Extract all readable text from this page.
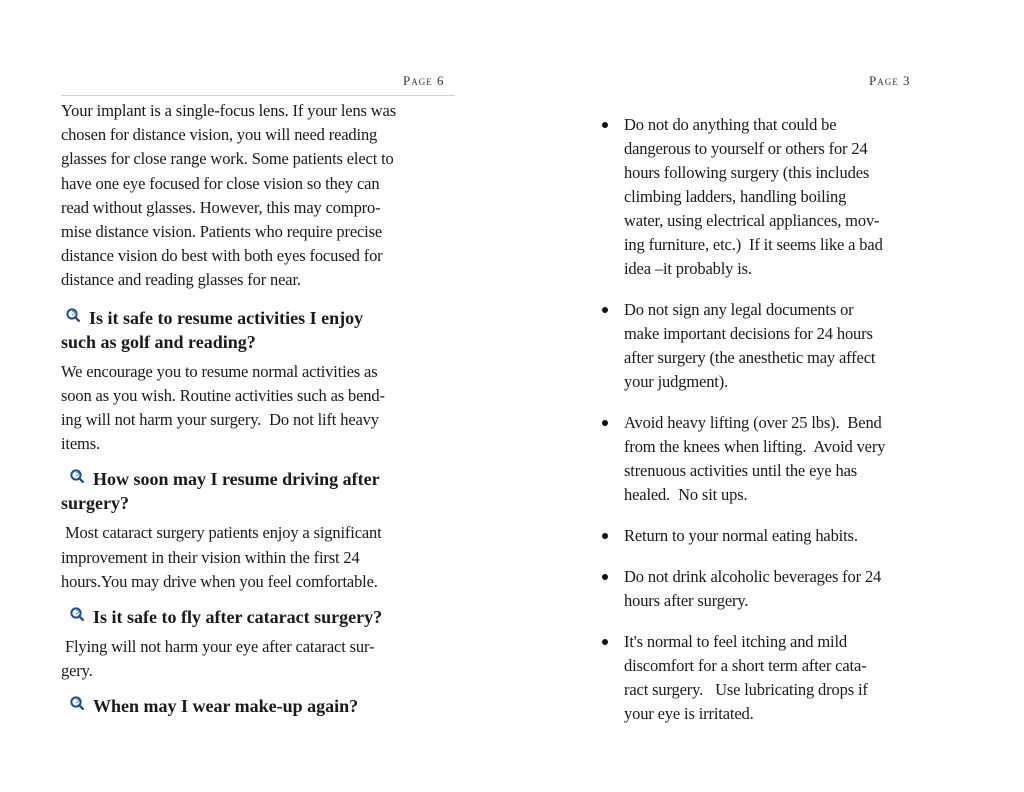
Page 6	Page 3

Your implant is a single-focus lens. If your lens was
chosen for distance vision, you will need reading
glasses for close range work. Some patients elect to
have one eye focused for close vision so they can
read without glasses. However, this may compro-
mise distance vision. Patients who require precise
distance vision do best with both eyes focused for
distance and reading glasses for near.

Is it safe to resume activities I enjoy
such as golf and reading?

We encourage you to resume normal activities as
soon as you wish. Routine activities such as bend-
ing will not harm your surgery.  Do not lift heavy
items.

How soon may I resume driving after
surgery?

Most cataract surgery patients enjoy a significant
improvement in their vision within the first 24
hours.You may drive when you feel comfortable.

Is it safe to fly after cataract surgery?

Flying will not harm your eye after cataract sur-
gery.

When may I wear make-up again?
Do not do anything that could be
dangerous to yourself or others for 24
hours following surgery (this includes
climbing ladders, handling boiling
water, using electrical appliances, mov-
ing furniture, etc.)  If it seems like a bad
idea –it probably is.
Do not sign any legal documents or
make important decisions for 24 hours
after surgery (the anesthetic may affect
your judgment).
Avoid heavy lifting (over 25 lbs).  Bend
from the knees when lifting.  Avoid very
strenuous activities until the eye has
healed.  No sit ups.
Return to your normal eating habits.
Do not drink alcoholic beverages for 24
hours after surgery.
It's normal to feel itching and mild
discomfort for a short term after cata-
ract surgery.   Use lubricating drops if
your eye is irritated.
